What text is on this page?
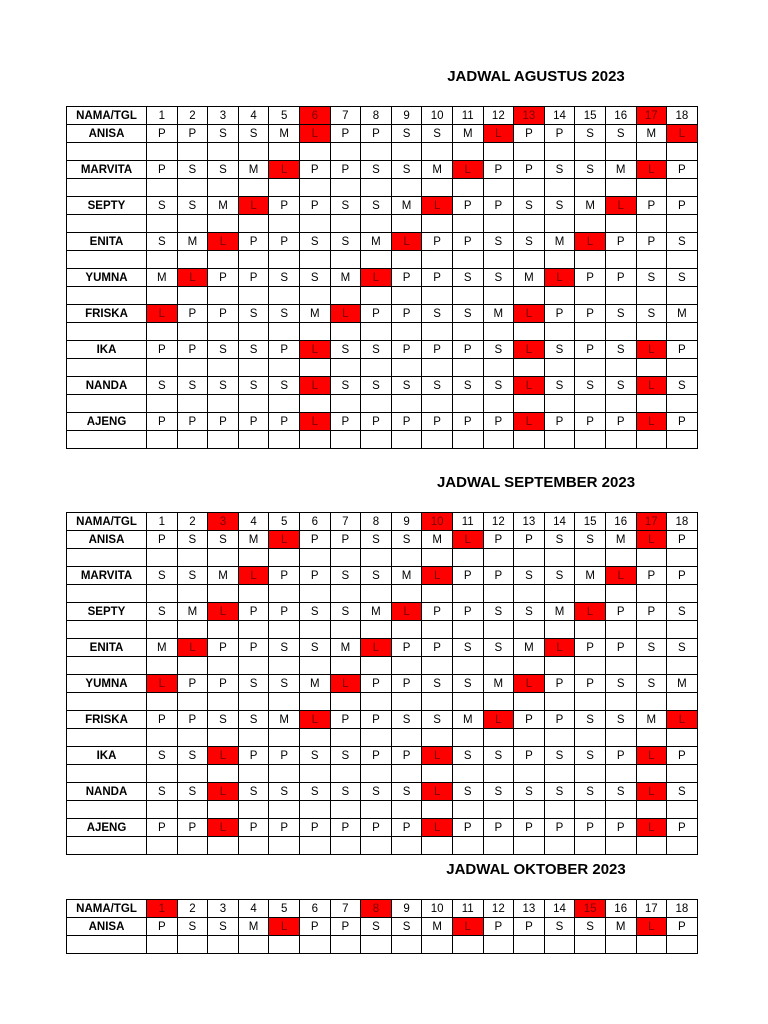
JADWAL AGUSTUS 2023
NAMA/TGL	1	2	3	4	5	6	7	8	9	10	11	12	13	14	15	16	17	18
ANISA	P	P	S	S	M	L	P	P	S	S	M	L	P	P	S	S	M	L

MARVITA	P	S	S	M	L	P	P	S	S	M	L	P	P	S	S	M	L	P

SEPTY	S	S	M	L	P	P	S	S	M	L	P	P	S	S	M	L	P	P

ENITA	S	M	L	P	P	S	S	M	L	P	P	S	S	M	L	P	P	S

YUMNA	M	L	P	P	S	S	M	L	P	P	S	S	M	L	P	P	S	S

FRISKA	L	P	P	S	S	M	L	P	P	S	S	M	L	P	P	S	S	M

IKA	P	P	S	S	P	L	S	S	P	P	P	S	L	S	P	S	L	P

NANDA	S	S	S	S	S	L	S	S	S	S	S	S	L	S	S	S	L	S

AJENG	P	P	P	P	P	L	P	P	P	P	P	P	L	P	P	P	L	P

JADWAL SEPTEMBER 2023
NAMA/TGL	1	2	3	4	5	6	7	8	9	10	11	12	13	14	15	16	17	18
ANISA	P	S	S	M	L	P	P	S	S	M	L	P	P	S	S	M	L	P

MARVITA	S	S	M	L	P	P	S	S	M	L	P	P	S	S	M	L	P	P

SEPTY	S	M	L	P	P	S	S	M	L	P	P	S	S	M	L	P	P	S

ENITA	M	L	P	P	S	S	M	L	P	P	S	S	M	L	P	P	S	S

YUMNA	L	P	P	S	S	M	L	P	P	S	S	M	L	P	P	S	S	M

FRISKA	P	P	S	S	M	L	P	P	S	S	M	L	P	P	S	S	M	L

IKA	S	S	L	P	P	S	S	P	P	L	S	S	P	S	S	P	L	P

NANDA	S	S	L	S	S	S	S	S	S	L	S	S	S	S	S	S	L	S

AJENG	P	P	L	P	P	P	P	P	P	L	P	P	P	P	P	P	L	P

JADWAL OKTOBER 2023
NAMA/TGL	1	2	3	4	5	6	7	8	9	10	11	12	13	14	15	16	17	18
ANISA	P	S	S	M	L	P	P	S	S	M	L	P	P	S	S	M	L	P
